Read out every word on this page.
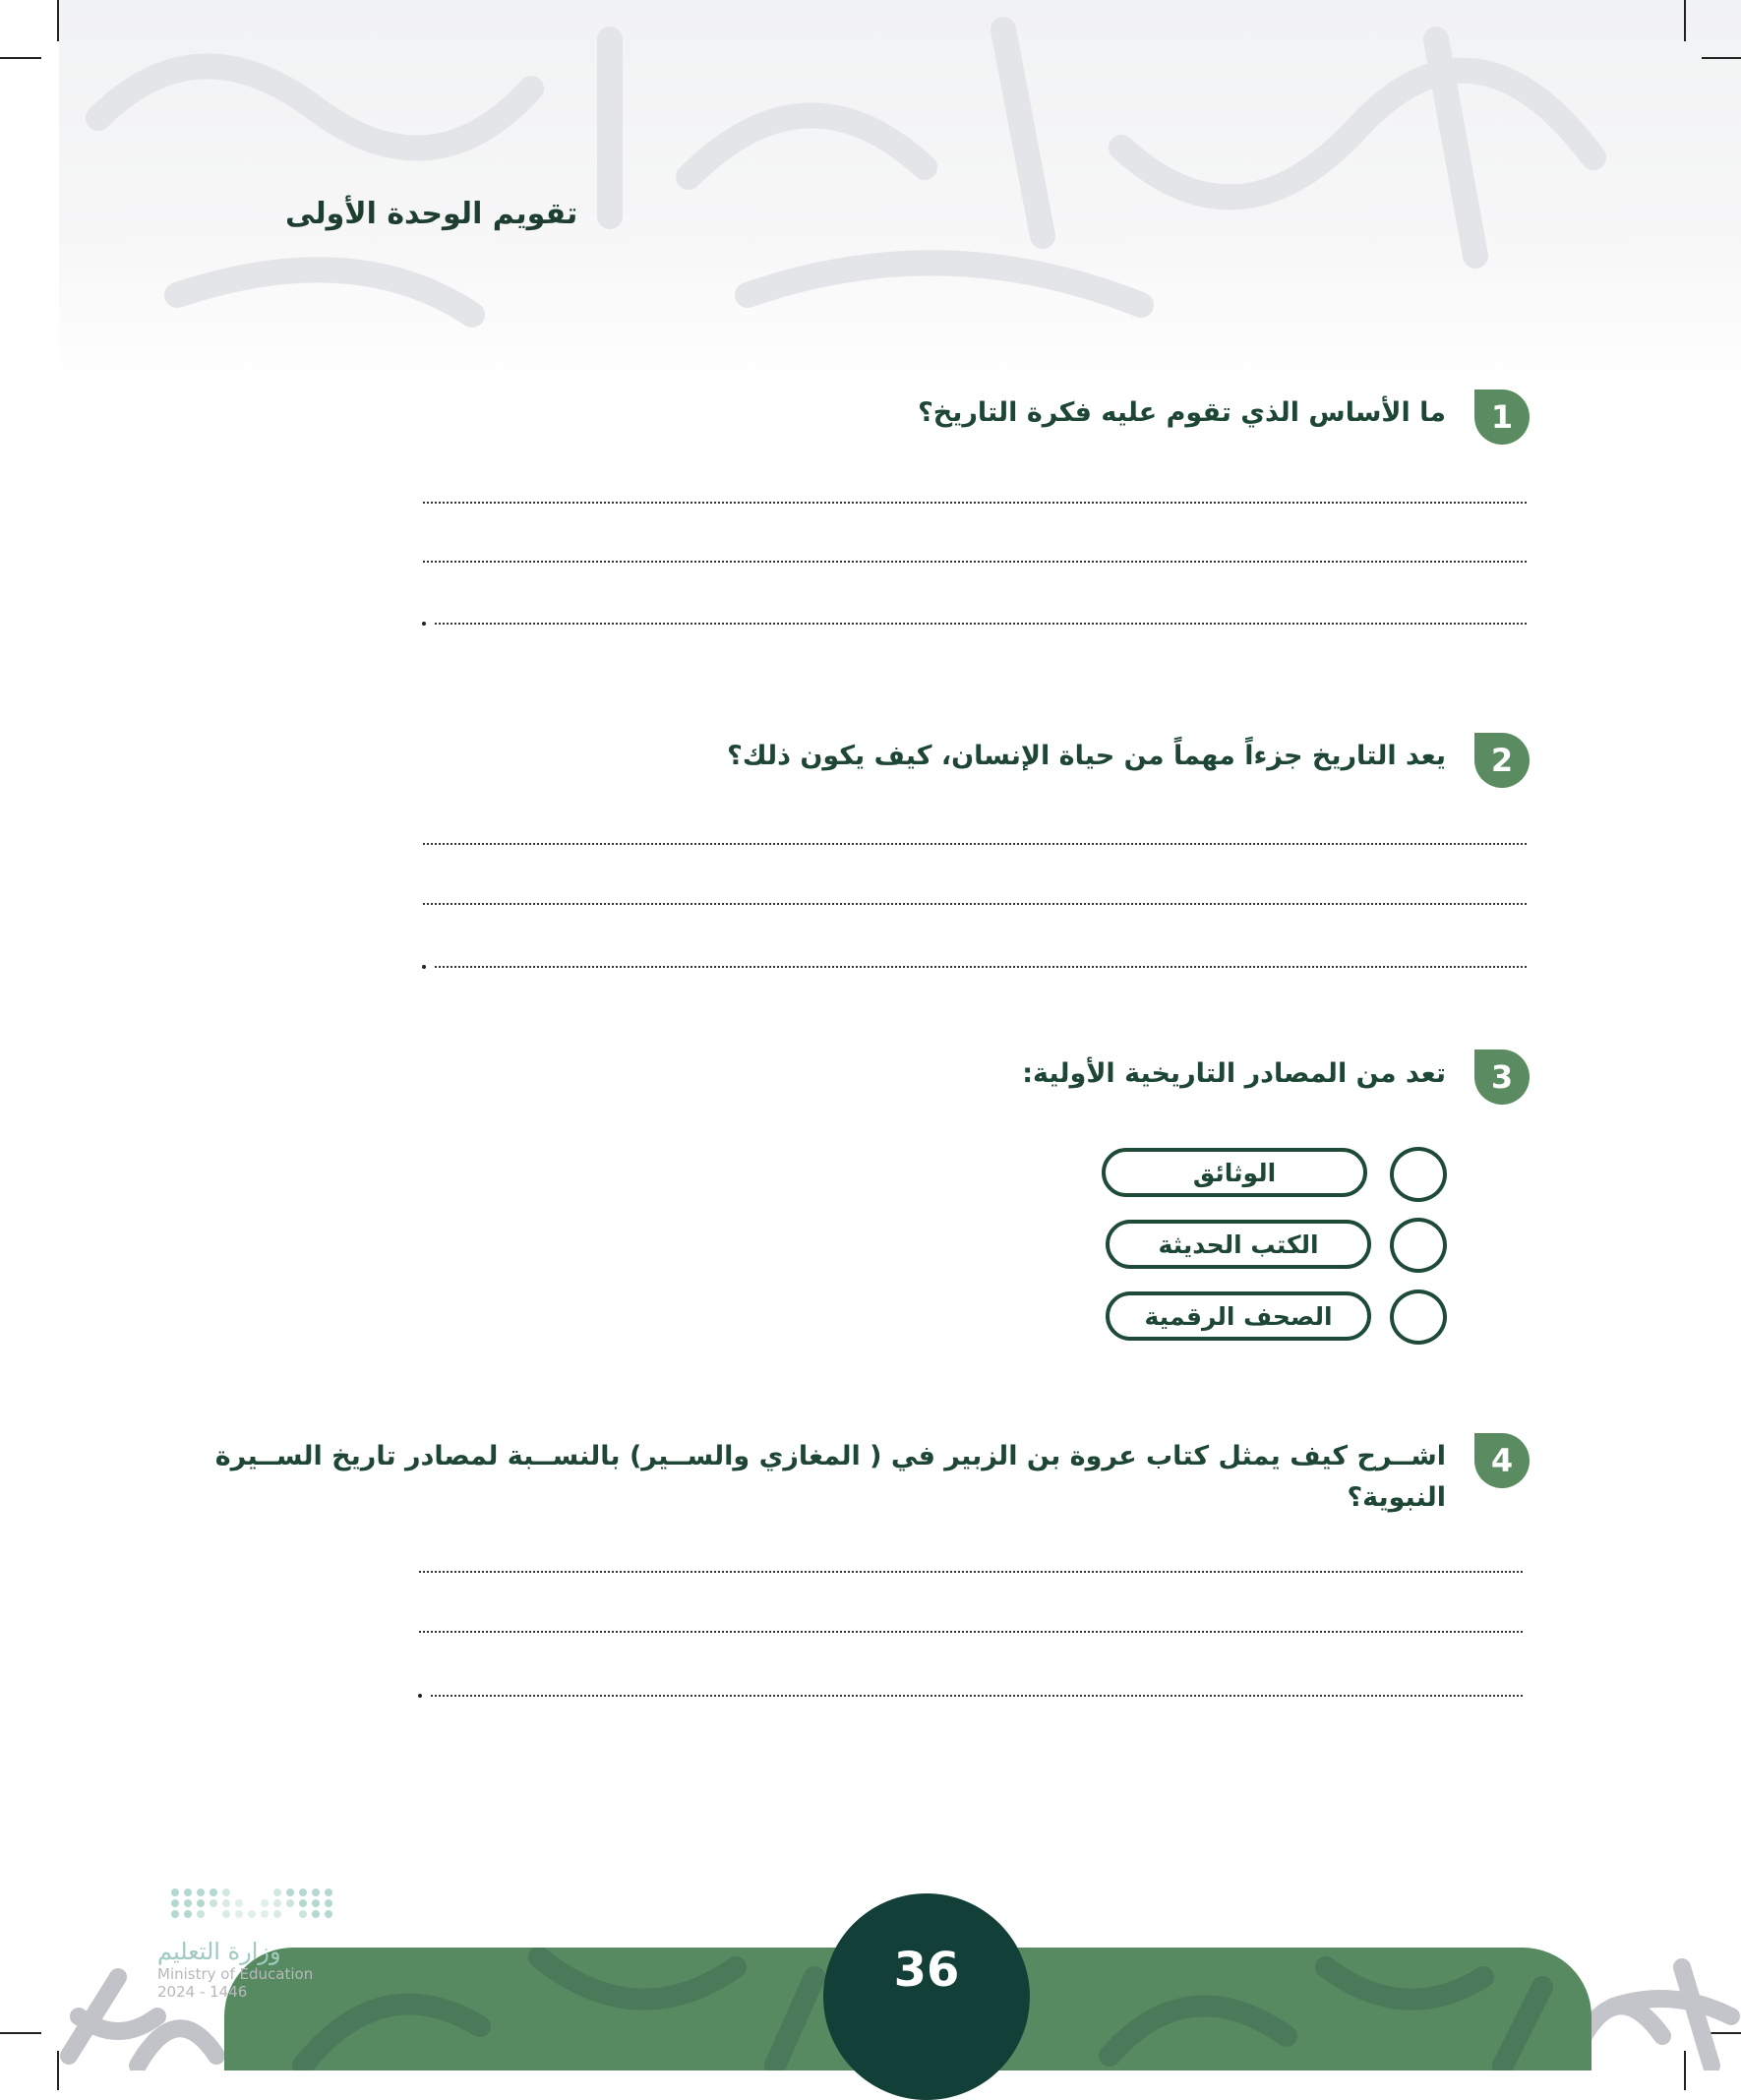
تقويم الوحدة الأولى
1
ما الأساس الذي تقوم عليه فكرة التاريخ؟
2
يعد التاريخ جزءاً مهماً من حياة الإنسان، كيف يكون ذلك؟
3
تعد من المصادر التاريخية الأولية:
الوثائق
الكتب الحديثة
الصحف الرقمية
4
اشــرح كيف يمثل كتاب عروة بن الزبير في ( المغازي والســير) بالنســبة لمصادر تاريخ الســيرة
النبوية؟
وزارة التعليم
Ministry of Education
2024 - 1446	36
